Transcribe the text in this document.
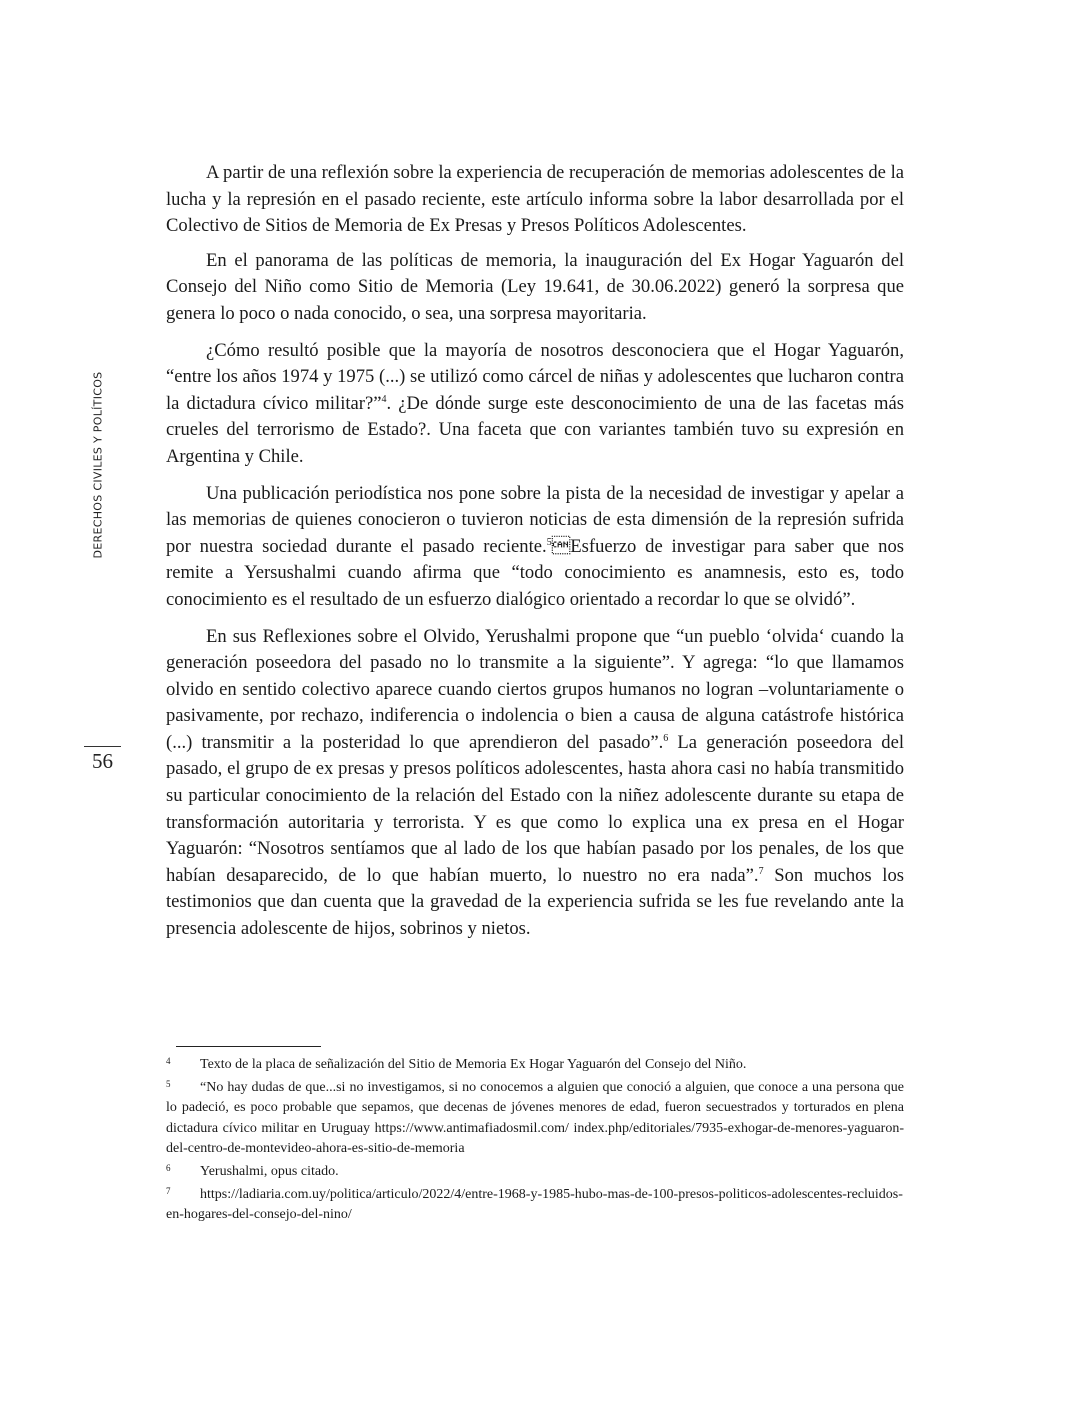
DERECHOS CIVILES Y POLÍTICOS
56

A partir de una reflexión sobre la experiencia de recuperación de memorias adolescentes de la lucha y la represión en el pasado reciente, este artículo informa sobre la labor desarrollada por el Colectivo de Sitios de Memoria de Ex Presas y Presos Políticos Adolescentes.

En el panorama de las políticas de memoria, la inauguración del Ex Hogar Yaguarón del Consejo del Niño como Sitio de Memoria (Ley 19.641, de 30.06.2022) generó la sorpresa que genera lo poco o nada conocido, o sea, una sorpresa mayoritaria.

¿Cómo resultó posible que la mayoría de nosotros desconociera que el Hogar Yaguarón, “entre los años 1974 y 1975 (...) se utilizó como cárcel de niñas y adolescentes que lucharon contra la dictadura cívico militar?”$^4$. ¿De dónde surge este desconocimiento de una de las facetas más crueles del terrorismo de Estado?. Una faceta que con variantes también tuvo su expresión en Argentina y Chile.

Una publicación periodística nos pone sobre la pista de la necesidad de investigar y apelar a las memorias de quienes conocieron o tuvieron noticias de esta dimensión de la represión sufrida por nuestra sociedad durante el pasado reciente.$^5$Esfuerzo de investigar para saber que nos remite a Yersushalmi cuando afirma que “todo conocimiento es anamnesis, esto es, todo conocimiento es el resultado de un esfuerzo dialógico orientado a recordar lo que se olvidó”.

En sus Reflexiones sobre el Olvido, Yerushalmi propone que “un pueblo ‘olvida‘ cuando la generación poseedora del pasado no lo transmite a la siguiente”. Y agrega: “lo que llamamos olvido en sentido colectivo aparece cuando ciertos grupos humanos no logran –voluntariamente o pasivamente, por rechazo, indiferencia o indolencia o bien a causa de alguna catástrofe histórica (...) transmitir a la posteridad lo que aprendieron del pasado”.$^6$ La generación poseedora del pasado, el grupo de ex presas y presos políticos adolescentes, hasta ahora casi no había transmitido su particular conocimiento de la relación del Estado con la niñez adolescente durante su etapa de transformación autoritaria y terrorista. Y es que como lo explica una ex presa en el Hogar Yaguarón: “Nosotros sentíamos que al lado de los que habían pasado por los penales, de los que habían desaparecido, de lo que habían muerto, lo nuestro no era nada”.$^7$ Son muchos los testimonios que dan cuenta que la gravedad de la experiencia sufrida se les fue revelando ante la presencia adolescente de hijos, sobrinos y nietos.

4 Texto de la placa de señalización del Sitio de Memoria Ex Hogar Yaguarón del Consejo del Niño.

5 “No hay dudas de que...si no investigamos, si no conocemos a alguien que conoció a alguien, que conoce a una persona que lo padeció, es poco probable que sepamos, que decenas de jóvenes menores de edad, fueron secuestrados y torturados en plena dictadura cívico militar en Uruguay https://www.antimafiadosmil.com/ index.php/editoriales/7935-exhogar-de-menores-yaguaron-del-centro-de-montevideo-ahora-es-sitio-de-memoria

6 Yerushalmi, opus citado.

7 https://ladiaria.com.uy/politica/articulo/2022/4/entre-1968-y-1985-hubo-mas-de-100-presos-politicos-adolescentes-recluidos-en-hogares-del-consejo-del-nino/
